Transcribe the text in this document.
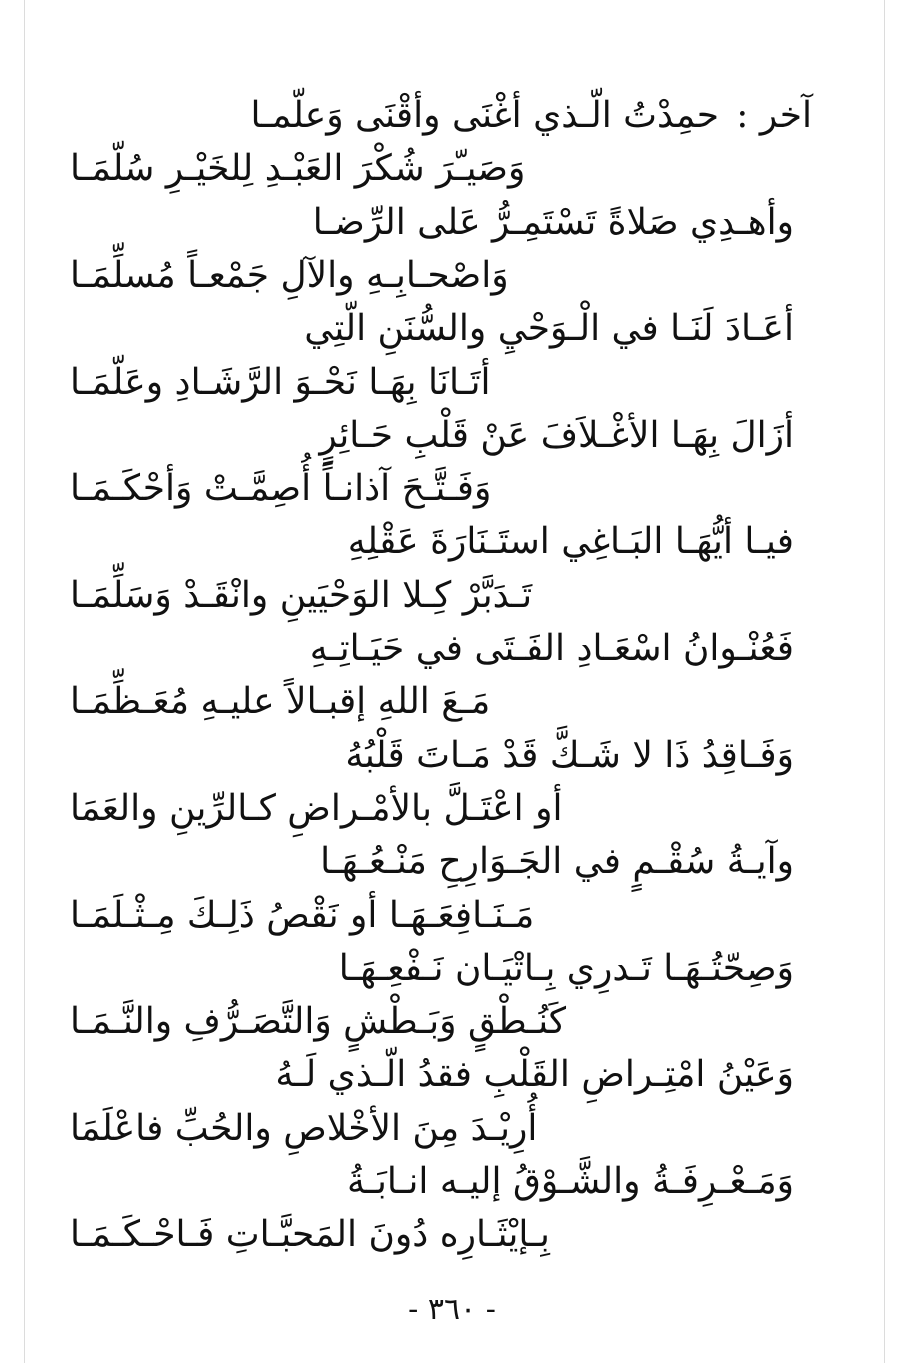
آخر :
حمِدْتُ الّـذي أغْنَى وأقْنَى وَعلّمـا
وَصَيـّرَ شُكْرَ العَبْـدِ لِلخَيْـرِ سُلّمَـا
وأهـدِي صَلاةً تَسْتَمِـرُّ عَلى الرِّضـا
وَاصْحـابِـهِ والآلِ جَمْعـاً مُسلِّمَـا
أعَـادَ لَنَـا في الْـوَحْيِ والسُّنَنِ الّتِي
أتَـانَا بِهَـا نَحْـوَ الرَّشَـادِ وعَلّمَـا
أزَالَ بِهَـا الأغْـلاَفَ عَنْ قَلْبِ حَـائِرٍ
وَفَـتَّـحَ آذانـاً أُصِمَّـتْ وَأحْكَـمَـا
فيـا أيُّهَـا البَـاغِي استَـنَارَةَ عَقْلِهِ
تَـدَبَّرْ كِـلا الوَحْيَينِ وانْقَـدْ وَسَلِّمَـا
فَعُنْـوانُ اسْعَـادِ الفَـتَى في حَيَـاتِـهِ
مَـعَ اللهِ إقبـالاً عليـهِ مُعَـظِّمَـا
وَفَـاقِدُ ذَا لا شَـكَّ قَدْ مَـاتَ قَلْبُهُ
أو اعْتَـلَّ بالأمْـراضِ كـالرِّينِ والعَمَا
وآيـةُ سُقْـمٍ في الجَـوَارِحِ مَنْـعُـهَـا
مَـنَـافِعَـهَـا أو نَقْصُ ذَلِـكَ مِـثْـلَمَـا
وَصِحّتُـهَـا تَـدرِي بِـاتْيَـان نَـفْعِـهَـا
كَنُـطْقٍ وَبَـطْشٍ وَالتَّصَـرُّفِ والنَّـمَـا
وَعَيْنُ امْتِـراضِ القَلْبِ فقدُ الّـذي لَـهُ
أُرِيْـدَ مِنَ الأخْلاصِ والحُبِّ فاعْلَمَا
وَمَـعْـرِفَـةُ والشَّـوْقُ إليـه انـابَـةُ
بِـإيْثَـارِه دُونَ المَحبَّـاتِ فَـاحْـكَـمَـا
- ٣٦٠ -
